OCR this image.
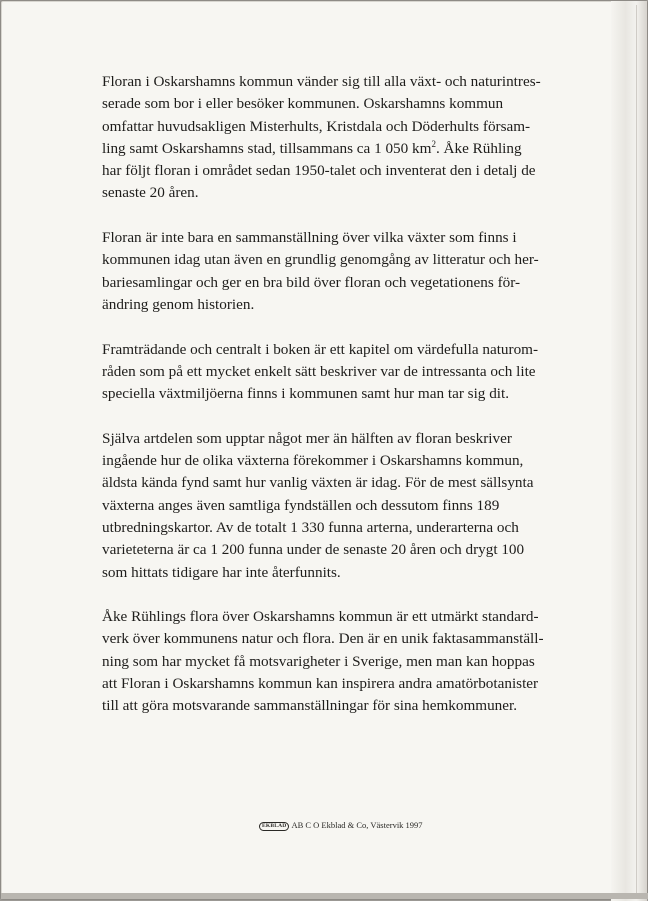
Floran i Oskarshamns kommun vänder sig till alla växt- och naturintres-
serade som bor i eller besöker kommunen. Oskarshamns kommun
omfattar huvudsakligen Misterhults, Kristdala och Döderhults försam-
ling samt Oskarshamns stad, tillsammans ca 1 050 $km^2$. Åke Rühling
har följt floran i området sedan 1950-talet och inventerat den i detalj de
senaste 20 åren.

Floran är inte bara en sammanställning över vilka växter som finns i
kommunen idag utan även en grundlig genomgång av litteratur och her-
bariesamlingar och ger en bra bild över floran och vegetationens för-
ändring genom historien.

Framträdande och centralt i boken är ett kapitel om värdefulla naturom-
råden som på ett mycket enkelt sätt beskriver var de intressanta och lite
speciella växtmiljöerna finns i kommunen samt hur man tar sig dit.

Själva artdelen som upptar något mer än hälften av floran beskriver
ingående hur de olika växterna förekommer i Oskarshamns kommun,
äldsta kända fynd samt hur vanlig växten är idag. För de mest sällsynta
växterna anges även samtliga fyndställen och dessutom finns 189
utbredningskartor. Av de totalt 1 330 funna arterna, underarterna och
varieteterna är ca 1 200 funna under de senaste 20 åren och drygt 100
som hittats tidigare har inte återfunnits.

Åke Rühlings flora över Oskarshamns kommun är ett utmärkt standard-
verk över kommunens natur och flora. Den är en unik faktasammanställ-
ning som har mycket få motsvarigheter i Sverige, men man kan hoppas
att Floran i Oskarshamns kommun kan inspirera andra amatörbotanister
till att göra motsvarande sammanställningar för sina hemkommuner.

EKBLAD AB C O Ekblad & Co, Västervik 1997
